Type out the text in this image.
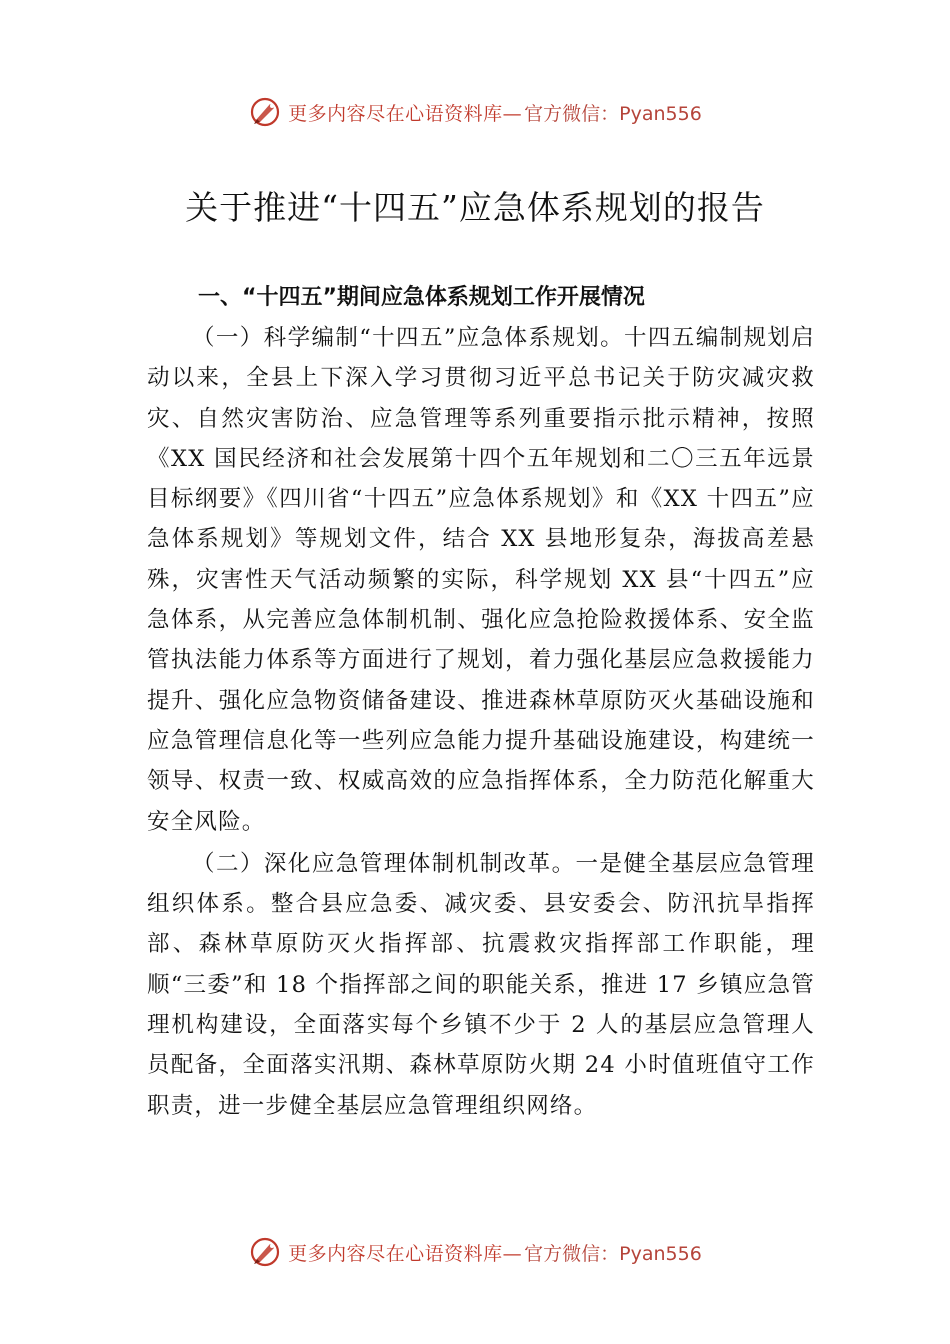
更多内容尽在心语资料库— 官方微信：Pyan556
关于推进“十四五”应急体系规划的报告
一、“十四五”期间应急体系规划工作开展情况

（一）科学编制“十四五”应急体系规划。十四五编制规划启动以来，全县上下深入学习贯彻习近平总书记关于防灾减灾救灾、自然灾害防治、应急管理等系列重要指示批示精神，按照《XX 国民经济和社会发展第十四个五年规划和二〇三五年远景目标纲要》《四川省“十四五”应急体系规划》和《XX 十四五”应急体系规划》等规划文件，结合 XX 县地形复杂，海拔高差悬殊，灾害性天气活动频繁的实际，科学规划 XX 县“十四五”应急体系，从完善应急体制机制、强化应急抢险救援体系、安全监管执法能力体系等方面进行了规划，着力强化基层应急救援能力提升、强化应急物资储备建设、推进森林草原防灭火基础设施和应急管理信息化等一些列应急能力提升基础设施建设，构建统一领导、权责一致、权威高效的应急指挥体系，全力防范化解重大安全风险。

（二）深化应急管理体制机制改革。一是健全基层应急管理组织体系。整合县应急委、减灾委、县安委会、防汛抗旱指挥部、森林草原防灭火指挥部、抗震救灾指挥部工作职能，理顺“三委”和 18 个指挥部之间的职能关系，推进 17 乡镇应急管理机构建设，全面落实每个乡镇不少于 2 人的基层应急管理人员配备，全面落实汛期、森林草原防火期 24 小时值班值守工作职责，进一步健全基层应急管理组织网络。

更多内容尽在心语资料库— 官方微信：Pyan556
